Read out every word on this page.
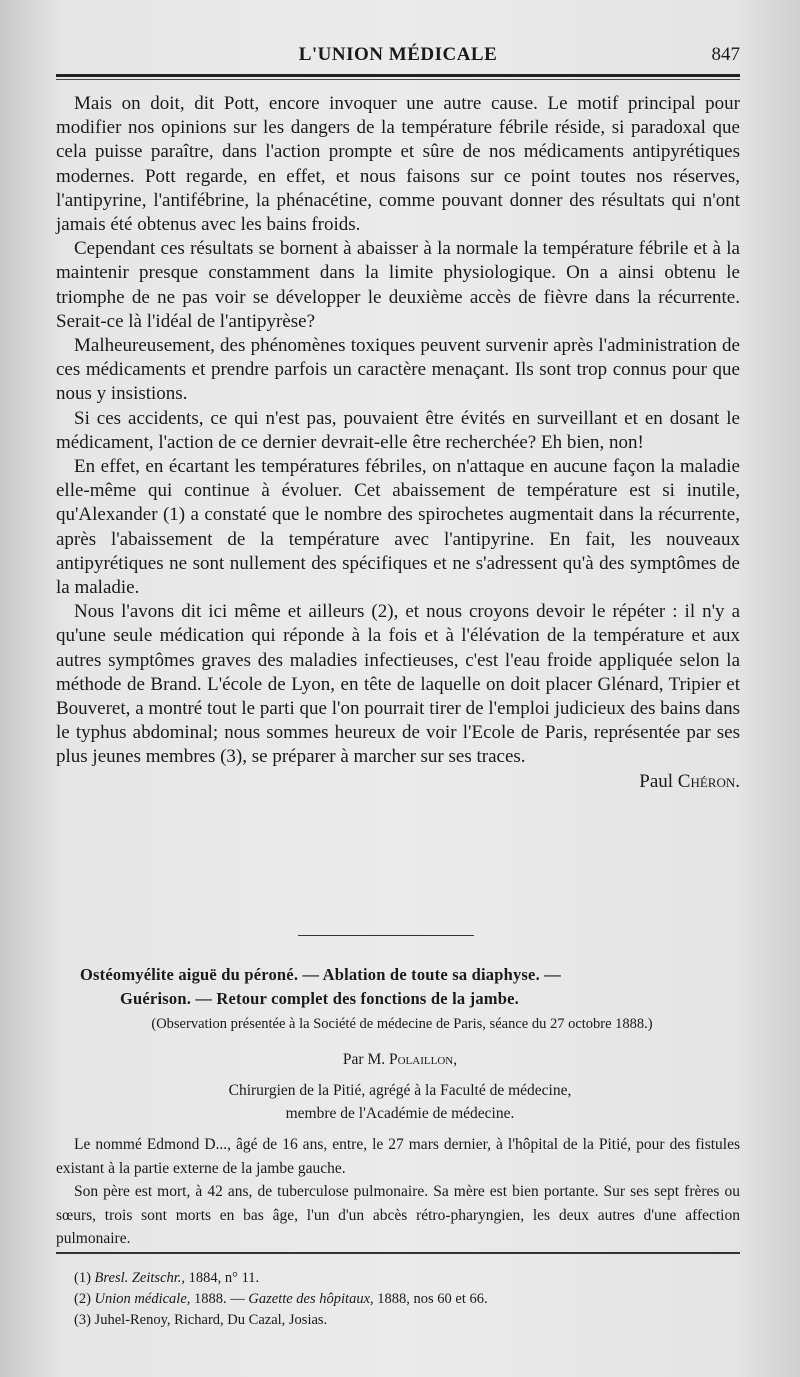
L'UNION MÉDICALE	847

Mais on doit, dit Pott, encore invoquer une autre cause. Le motif principal pour modifier nos opinions sur les dangers de la température fébrile réside, si paradoxal que cela puisse paraître, dans l'action prompte et sûre de nos médicaments antipyrétiques modernes. Pott regarde, en effet, et nous faisons sur ce point toutes nos réserves, l'antipyrine, l'antifébrine, la phénacétine, comme pouvant donner des résultats qui n'ont jamais été obtenus avec les bains froids.

Cependant ces résultats se bornent à abaisser à la normale la température fébrile et à la maintenir presque constamment dans la limite physiologique. On a ainsi obtenu le triomphe de ne pas voir se développer le deuxième accès de fièvre dans la récurrente. Serait-ce là l'idéal de l'antipyrèse?

Malheureusement, des phénomènes toxiques peuvent survenir après l'administration de ces médicaments et prendre parfois un caractère menaçant. Ils sont trop connus pour que nous y insistions.

Si ces accidents, ce qui n'est pas, pouvaient être évités en surveillant et en dosant le médicament, l'action de ce dernier devrait-elle être recherchée? Eh bien, non!

En effet, en écartant les températures fébriles, on n'attaque en aucune façon la maladie elle-même qui continue à évoluer. Cet abaissement de température est si inutile, qu'Alexander (1) a constaté que le nombre des spirochetes augmentait dans la récurrente, après l'abaissement de la température avec l'antipyrine. En fait, les nouveaux antipyrétiques ne sont nullement des spécifiques et ne s'adressent qu'à des symptômes de la maladie.

Nous l'avons dit ici même et ailleurs (2), et nous croyons devoir le répéter : il n'y a qu'une seule médication qui réponde à la fois et à l'élévation de la température et aux autres symptômes graves des maladies infectieuses, c'est l'eau froide appliquée selon la méthode de Brand. L'école de Lyon, en tête de laquelle on doit placer Glénard, Tripier et Bouveret, a montré tout le parti que l'on pourrait tirer de l'emploi judicieux des bains dans le typhus abdominal; nous sommes heureux de voir l'Ecole de Paris, représentée par ses plus jeunes membres (3), se préparer à marcher sur ses traces.

Paul Chéron.

Ostéomyélite aiguë du péroné. — Ablation de toute sa diaphyse. —
Guérison. — Retour complet des fonctions de la jambe.
(Observation présentée à la Société de médecine de Paris, séance du 27 octobre 1888.)
Par M. Polaillon,
Chirurgien de la Pitié, agrégé à la Faculté de médecine,
membre de l'Académie de médecine.

Le nommé Edmond D..., âgé de 16 ans, entre, le 27 mars dernier, à l'hôpital de la Pitié, pour des fistules existant à la partie externe de la jambe gauche.

Son père est mort, à 42 ans, de tuberculose pulmonaire. Sa mère est bien portante. Sur ses sept frères ou sœurs, trois sont morts en bas âge, l'un d'un abcès rétro-pharyngien, les deux autres d'une affection pulmonaire.

(1) Bresl. Zeitschr., 1884, n° 11.
(2) Union médicale, 1888. — Gazette des hôpitaux, 1888, nos 60 et 66.
(3) Juhel-Renoy, Richard, Du Cazal, Josias.
